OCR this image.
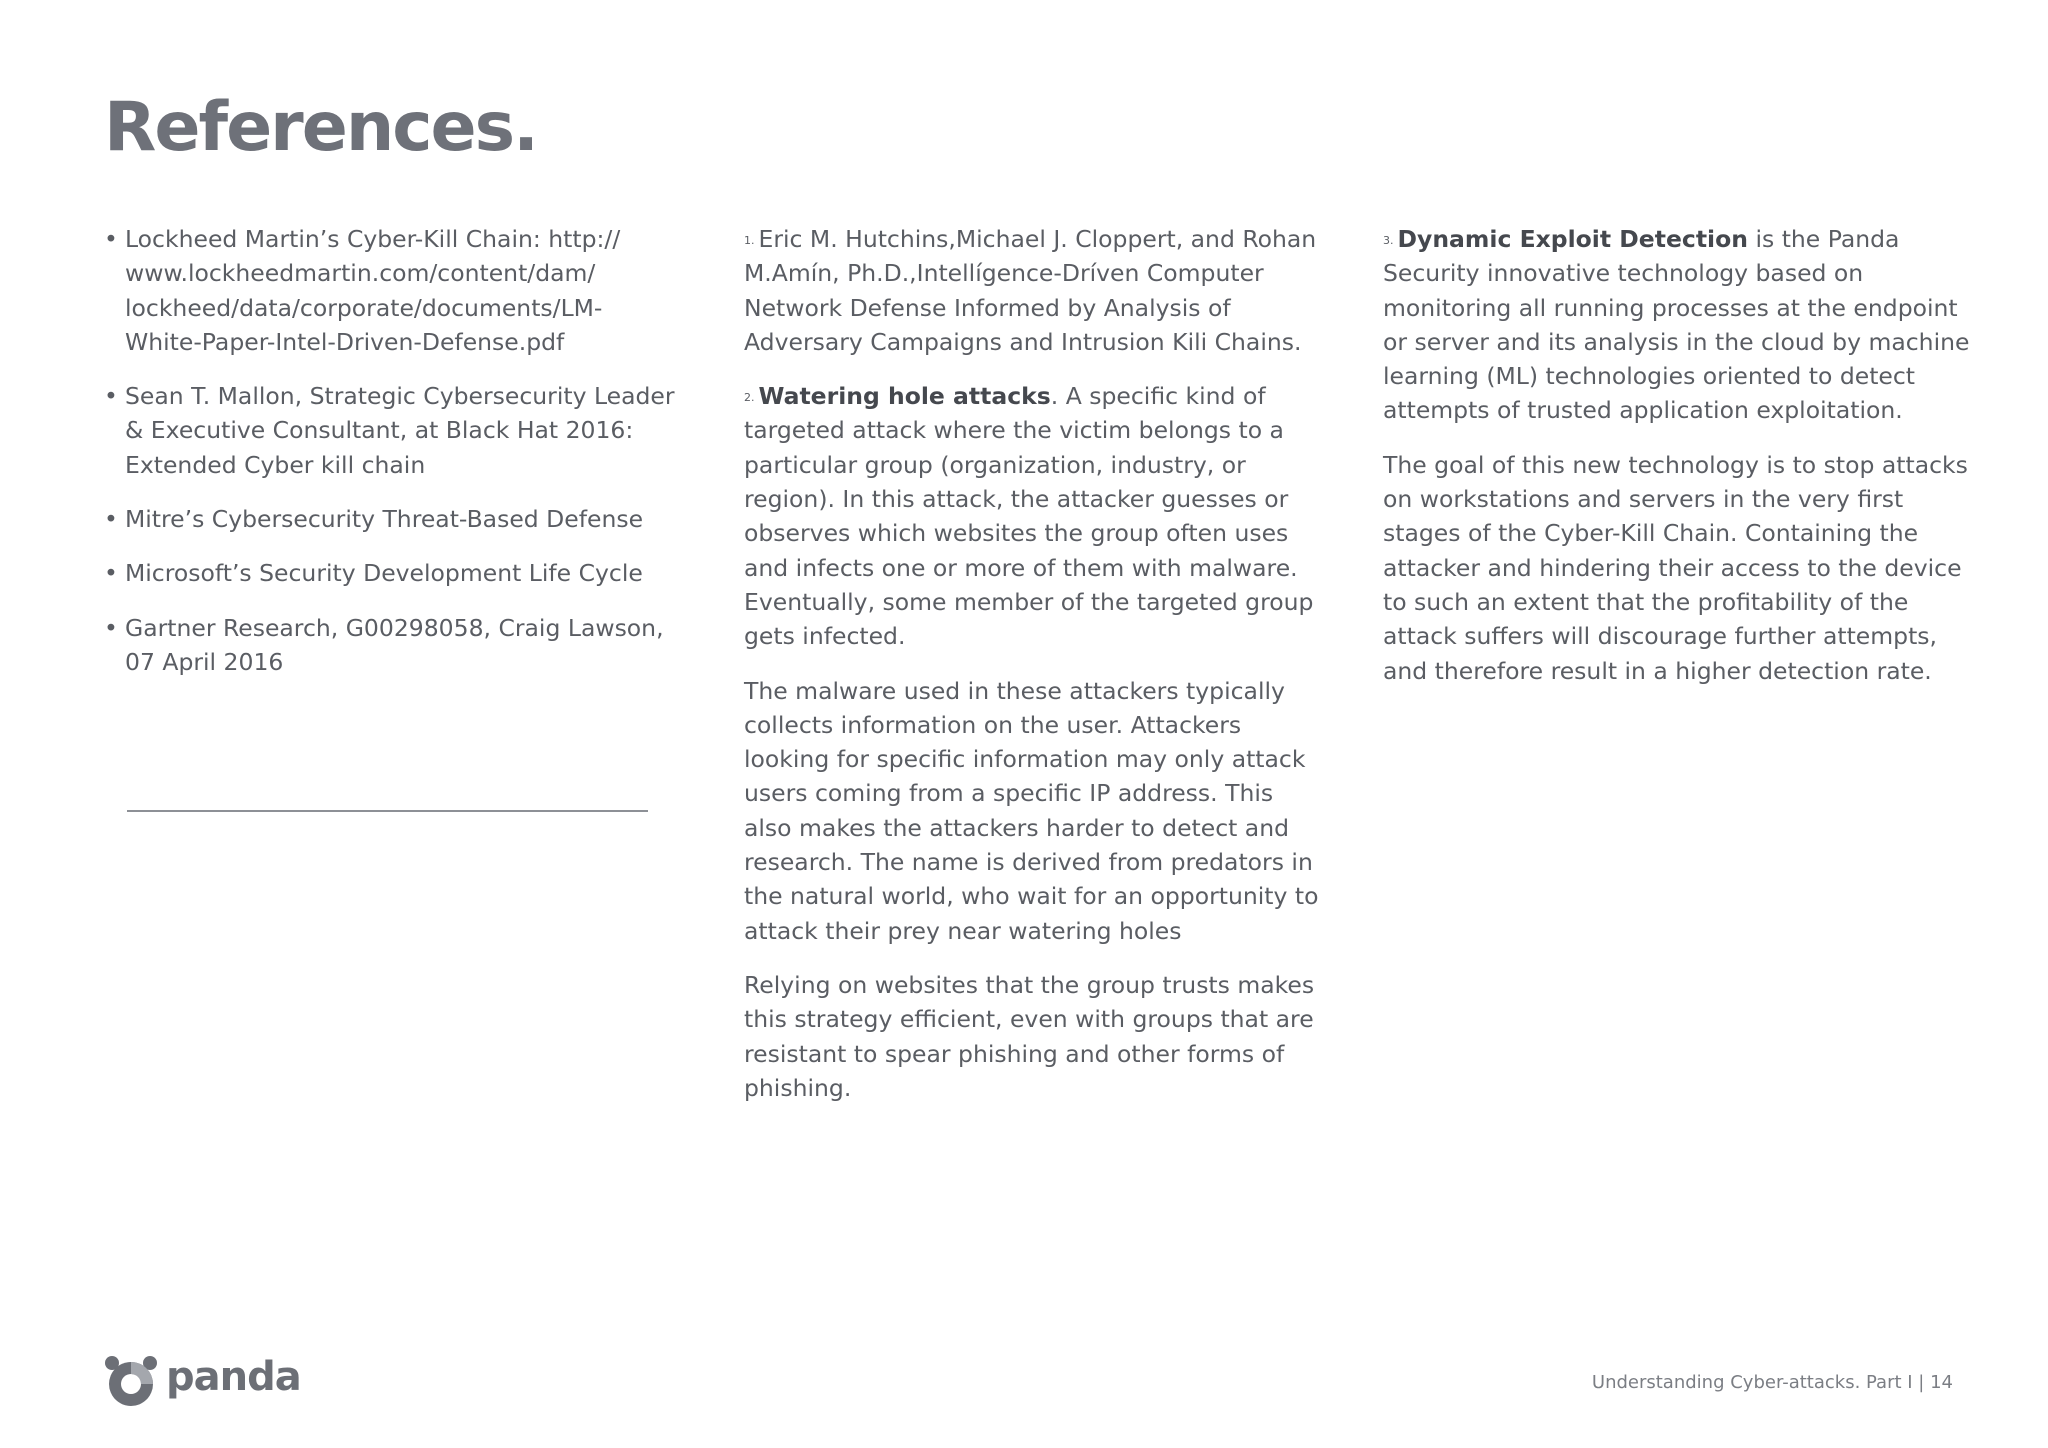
References.
• Lockheed Martin’s Cyber-Kill Chain: http://
www.lockheedmartin.com/content/dam/
lockheed/data/corporate/documents/LM-
White-Paper-Intel-Driven-Defense.pdf
• Sean T. Mallon, Strategic Cybersecurity Leader & Executive Consultant, at Black Hat 2016: Extended Cyber kill chain
• Mitre’s Cybersecurity Threat-Based Defense
• Microsoft’s Security Development Life Cycle
• Gartner Research, G00298058, Craig Lawson, 07 April 2016

$^{1.}$ Eric M. Hutchins,Michael J. Cloppert, and Rohan M.Amín, Ph.D.,Intellígence-Dríven Computer Network Defense Informed by Analysis of Adversary Campaigns and Intrusion Kili Chains.

$^{2.}$ Watering hole attacks. A specific kind of targeted attack where the victim belongs to a particular group (organization, industry, or region). In this attack, the attacker guesses or observes which websites the group often uses and infects one or more of them with malware. Eventually, some member of the targeted group gets infected.

The malware used in these attackers typically collects information on the user. Attackers looking for specific information may only attack users coming from a specific IP address. This also makes the attackers harder to detect and research. The name is derived from predators in the natural world, who wait for an opportunity to attack their prey near watering holes

Relying on websites that the group trusts makes this strategy efficient, even with groups that are resistant to spear phishing and other forms of phishing.

$^{3.}$ Dynamic Exploit Detection is the Panda Security innovative technology based on monitoring all running processes at the endpoint or server and its analysis in the cloud by machine learning (ML) technologies oriented to detect attempts of trusted application exploitation.

The goal of this new technology is to stop attacks on workstations and servers in the very first stages of the Cyber-Kill Chain. Containing the attacker and hindering their access to the device to such an extent that the profitability of the attack suffers will discourage further attempts, and therefore result in a higher detection rate.

panda	Understanding Cyber-attacks. Part I | 14
